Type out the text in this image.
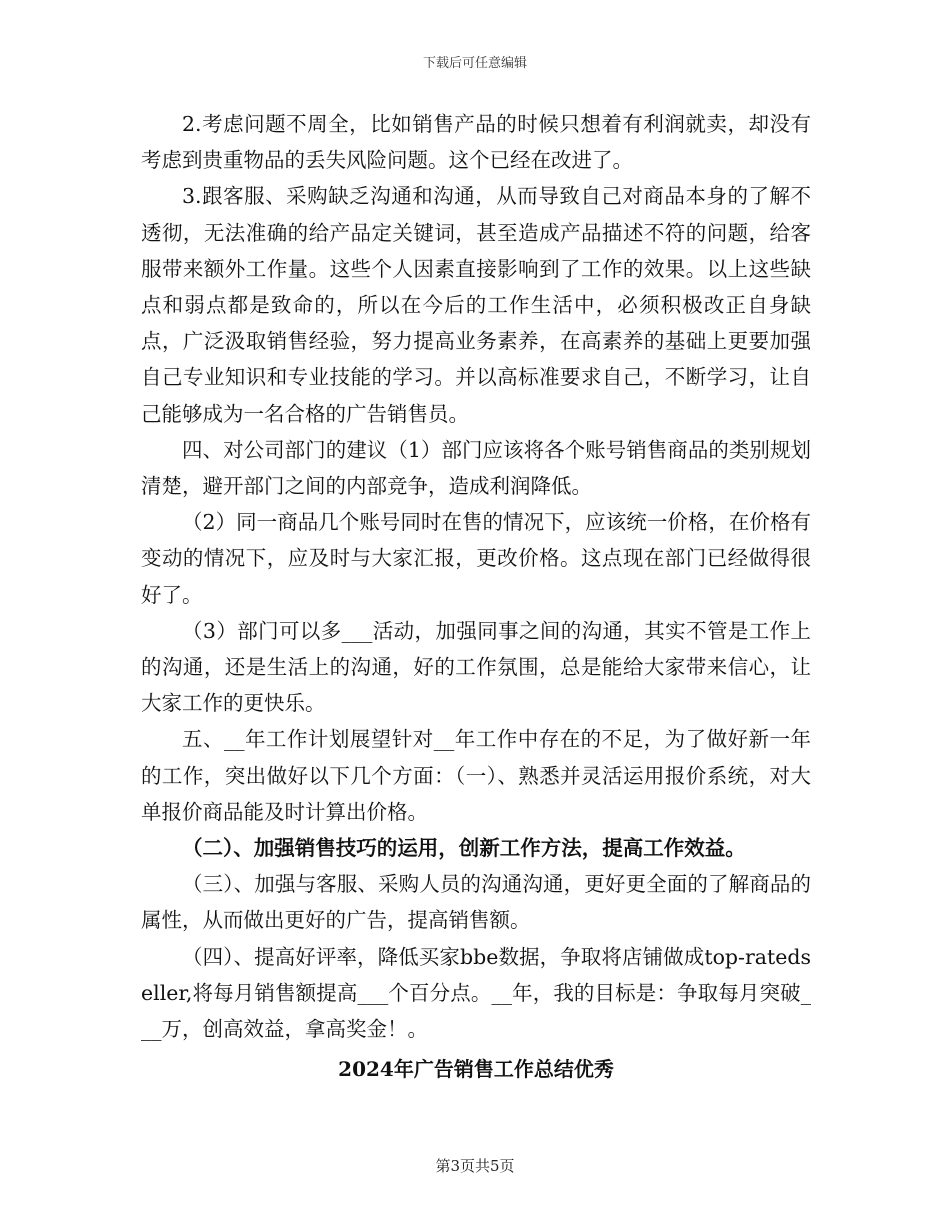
下载后可任意编辑

2.考虑问题不周全，比如销售产品的时候只想着有利润就卖，却没有考虑到贵重物品的丢失风险问题。这个已经在改进了。

3.跟客服、采购缺乏沟通和沟通，从而导致自己对商品本身的了解不透彻，无法准确的给产品定关键词，甚至造成产品描述不符的问题，给客服带来额外工作量。这些个人因素直接影响到了工作的效果。以上这些缺点和弱点都是致命的，所以在今后的工作生活中，必须积极改正自身缺点，广泛汲取销售经验，努力提高业务素养，在高素养的基础上更要加强自己专业知识和专业技能的学习。并以高标准要求自己，不断学习，让自己能够成为一名合格的广告销售员。

四、对公司部门的建议（1）部门应该将各个账号销售商品的类别规划清楚，避开部门之间的内部竞争，造成利润降低。

（2）同一商品几个账号同时在售的情况下，应该统一价格，在价格有变动的情况下，应及时与大家汇报，更改价格。这点现在部门已经做得很好了。

（3）部门可以多___活动，加强同事之间的沟通，其实不管是工作上的沟通，还是生活上的沟通，好的工作氛围，总是能给大家带来信心，让大家工作的更快乐。

五、__年工作计划展望针对__年工作中存在的不足，为了做好新一年的工作，突出做好以下几个方面：（一）、熟悉并灵活运用报价系统，对大单报价商品能及时计算出价格。

（二）、加强销售技巧的运用，创新工作方法，提高工作效益。

（三）、加强与客服、采购人员的沟通沟通，更好更全面的了解商品的属性，从而做出更好的广告，提高销售额。

（四）、提高好评率，降低买家bbe数据，争取将店铺做成top-ratedseller,将每月销售额提高___个百分点。__年，我的目标是：争取每月突破___万，创高效益，拿高奖金！。

2024年广告销售工作总结优秀
第3页共5页
